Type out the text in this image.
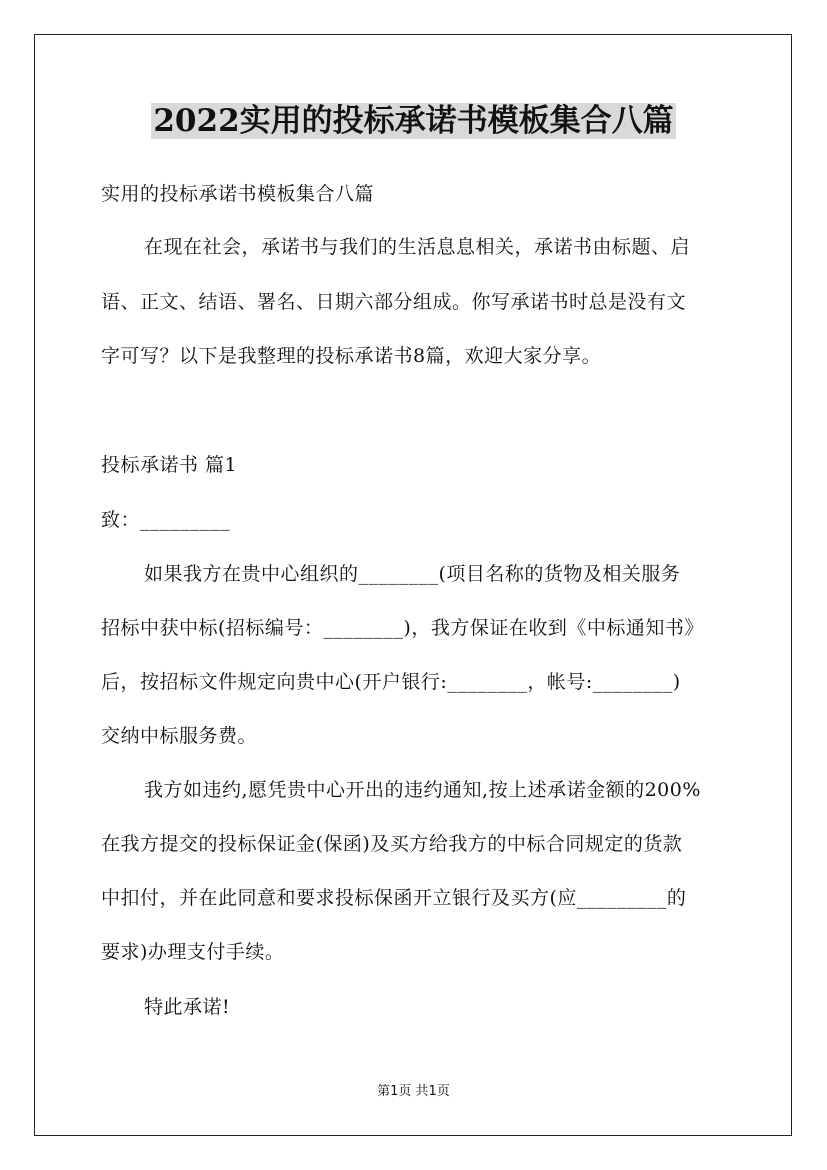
2022实用的投标承诺书模板集合八篇
实用的投标承诺书模板集合八篇
在现在社会，承诺书与我们的生活息息相关，承诺书由标题、启
语、正文、结语、署名、日期六部分组成。你写承诺书时总是没有文
字可写？以下是我整理的投标承诺书8篇，欢迎大家分享。
投标承诺书 篇1
致：_________
如果我方在贵中心组织的________(项目名称的货物及相关服务
招标中获中标(招标编号：________)，我方保证在收到《中标通知书》
后，按招标文件规定向贵中心(开户银行:________，帐号:________)
交纳中标服务费。
我方如违约,愿凭贵中心开出的违约通知,按上述承诺金额的200%
在我方提交的投标保证金(保函)及买方给我方的中标合同规定的货款
中扣付，并在此同意和要求投标保函开立银行及买方(应_________的
要求)办理支付手续。
特此承诺!
第1页 共1页
